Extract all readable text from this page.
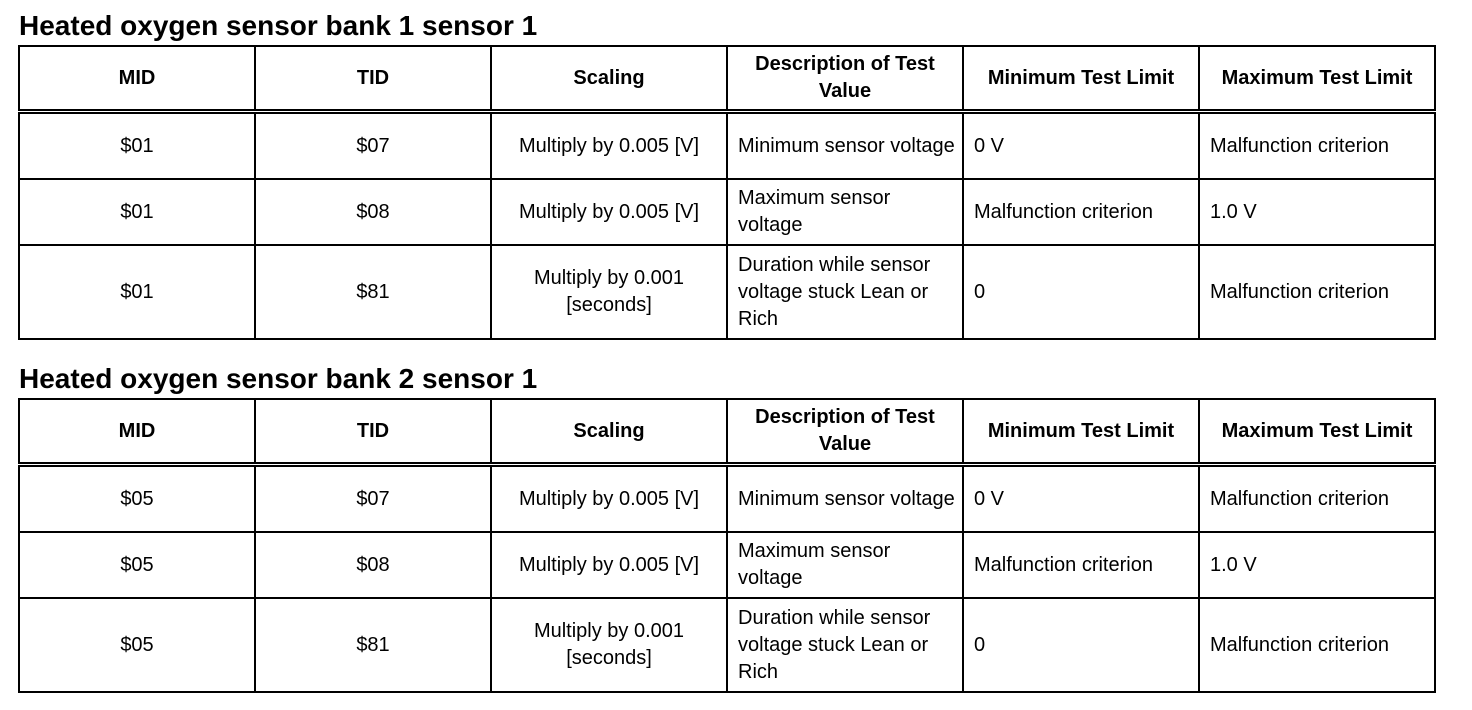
Heated oxygen sensor bank 1 sensor 1
MID	TID	Scaling	Description of Test Value	Minimum Test Limit	Maximum Test Limit
$01	$07	Multiply by 0.005 [V]	Minimum sensor voltage	0 V	Malfunction criterion
$01	$08	Multiply by 0.005 [V]	Maximum sensor voltage	Malfunction criterion	1.0 V
$01	$81	Multiply by 0.001 [seconds]	Duration while sensor voltage stuck Lean or Rich	0	Malfunction criterion
Heated oxygen sensor bank 2 sensor 1
MID	TID	Scaling	Description of Test Value	Minimum Test Limit	Maximum Test Limit
$05	$07	Multiply by 0.005 [V]	Minimum sensor voltage	0 V	Malfunction criterion
$05	$08	Multiply by 0.005 [V]	Maximum sensor voltage	Malfunction criterion	1.0 V
$05	$81	Multiply by 0.001 [seconds]	Duration while sensor voltage stuck Lean or Rich	0	Malfunction criterion
